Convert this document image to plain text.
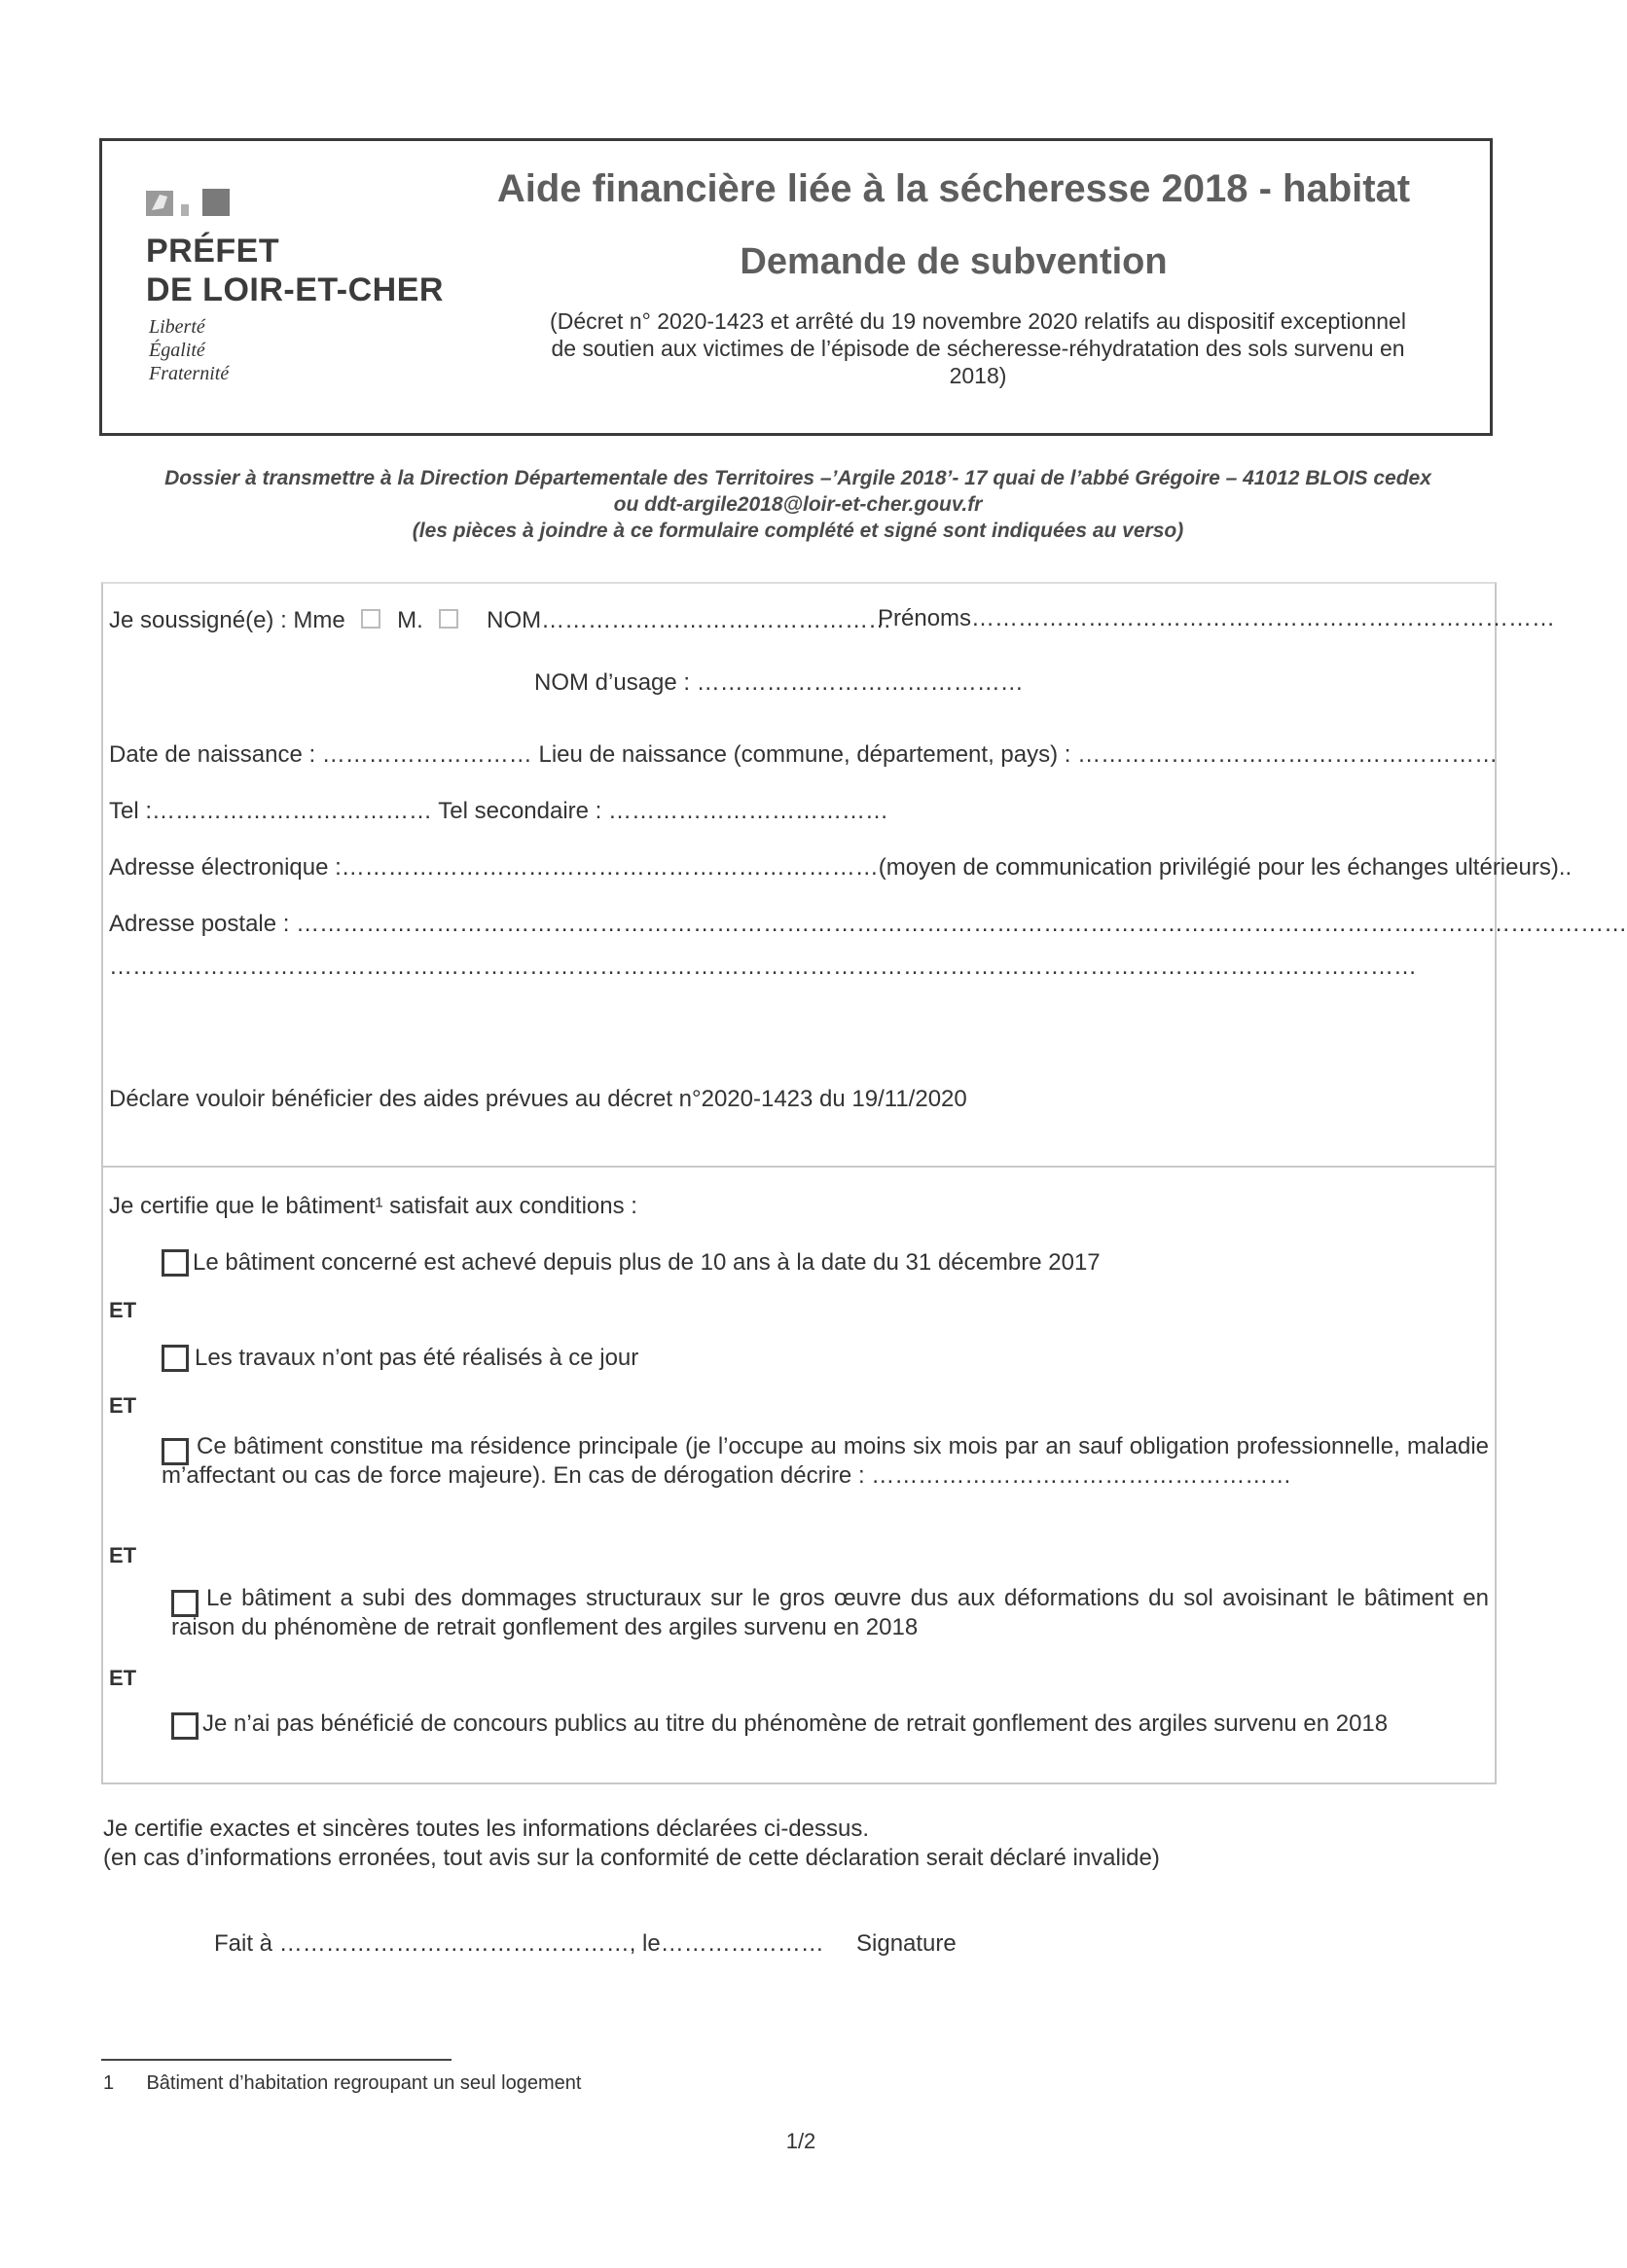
PRÉFET
DE LOIR-ET-CHER
Liberté
Égalité
Fraternité
Aide financière liée à la sécheresse 2018 - habitat
Demande de subvention
(Décret n° 2020-1423 et arrêté du 19 novembre 2020 relatifs au dispositif exceptionnel
de soutien aux victimes de l’épisode de sécheresse-réhydratation des sols survenu en
2018)
Dossier à transmettre à la Direction Départementale des Territoires –’Argile 2018’- 17 quai de l’abbé Grégoire – 41012 BLOIS cedex
ou ddt-argile2018@loir-et-cher.gouv.fr
(les pièces à joindre à ce formulaire complété et signé sont indiquées au verso)
Je soussigné(e) : Mme M.	NOM………………………………………
Prénoms…………………………………………………………………
NOM d’usage : ……………………………………
Date de naissance : ……………………… Lieu de naissance (commune, département, pays) : ………………………………………………
Tel :……………………………… Tel secondaire : ………………………………
Adresse électronique :……………………………………………………………(moyen de communication privilégié pour les échanges ultérieurs)..
Adresse postale : ………………………………………………………………………………………………………………………………………………………
……………………………………………………………………………………………………………………………………………………
Déclare vouloir bénéficier des aides prévues au décret n°2020-1423 du 19/11/2020
Je certifie que le bâtiment¹ satisfait aux conditions :
Le bâtiment concerné est achevé depuis plus de 10 ans à la date du 31 décembre 2017
ET
Les travaux n’ont pas été réalisés à ce jour
ET
Ce bâtiment constitue ma résidence principale (je l’occupe au moins six mois par an sauf obligation professionnelle, maladie m’affectant ou cas de force majeure). En cas de dérogation décrire : ………………………………………………
ET
Le bâtiment a subi des dommages structuraux sur le gros œuvre dus aux déformations du sol avoisinant le bâtiment en raison du phénomène de retrait gonflement des argiles survenu en 2018
ET
Je n’ai pas bénéficié de concours publics au titre du phénomène de retrait gonflement des argiles survenu en 2018
Je certifie exactes et sincères toutes les informations déclarées ci-dessus.
(en cas d’informations erronées, tout avis sur la conformité de cette déclaration serait déclaré invalide)
Fait à ………………………………………, le………………… Signature
1      Bâtiment d’habitation regroupant un seul logement
1/2
